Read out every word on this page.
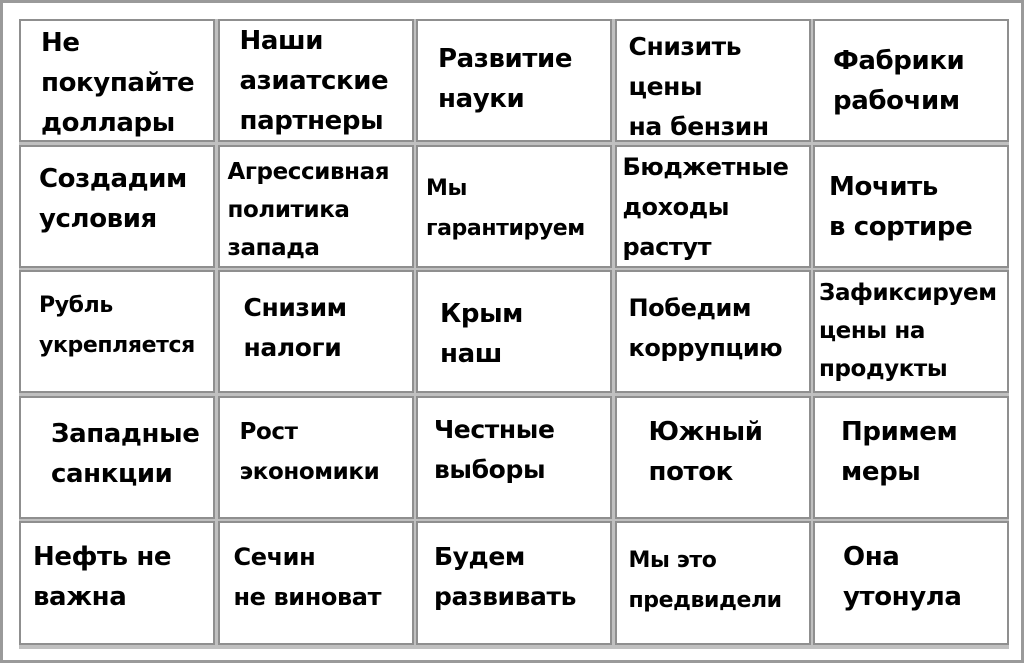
Не
покупайте
доллары
Наши
азиатские
партнеры
Развитие
науки
Снизить
цены
на бензин
Фабрики
рабочим
Создадим
условия
Агрессивная
политика
запада
Мы
гарантируем
Бюджетные
доходы
растут
Мочить
в сортире
Рубль
укрепляется
Снизим
налоги
Крым
наш
Победим
коррупцию
Зафиксируем
цены на
продукты
Западные
санкции
Рост
экономики
Честные
выборы
Южный
поток
Примем
меры
Нефть не
важна
Сечин
не виноват
Будем
развивать
Мы это
предвидели
Она
утонула
